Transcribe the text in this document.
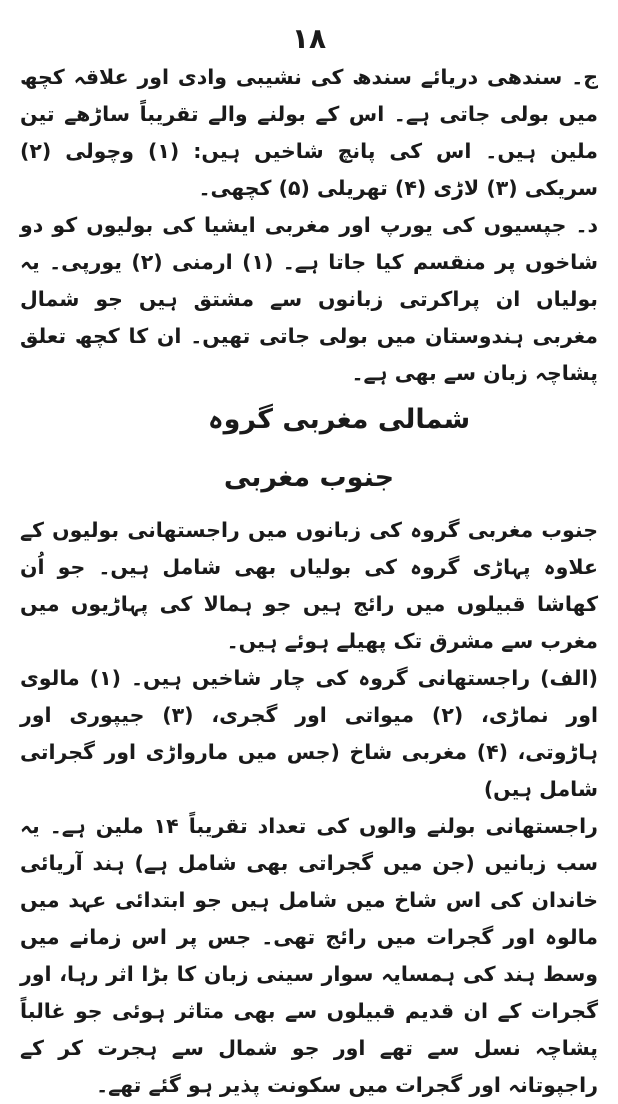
۱۸

ج۔ سندھی دریائے سندھ کی نشیبی وادی اور علاقہ کچھ میں بولی جاتی ہے۔ اس کے بولنے والے تقریباً ساڑھے تین ملین ہیں۔ اس کی پانچ شاخیں ہیں: (۱) وچولی (۲) سریکی (۳) لاڑی (۴) تھریلی (۵) کچھی۔

د۔ جپسیوں کی یورپ اور مغربی ایشیا کی بولیوں کو دو شاخوں پر منقسم کیا جاتا ہے۔ (۱) ارمنی (۲) یورپی۔ یہ بولیاں ان پراکرتی زبانوں سے مشتق ہیں جو شمال مغربی ہندوستان میں بولی جاتی تھیں۔ ان کا کچھ تعلق پشاچہ زبان سے بھی ہے۔

شمالی مغربی گروہ
جنوب مغربی

جنوب مغربی گروہ کی زبانوں میں راجستھانی بولیوں کے علاوہ پہاڑی گروہ کی بولیاں بھی شامل ہیں۔ جو اُن کھاشا قبیلوں میں رائج ہیں جو ہمالا کی پہاڑیوں میں مغرب سے مشرق تک پھیلے ہوئے ہیں۔

(الف) راجستھانی گروہ کی چار شاخیں ہیں۔ (۱) مالوی اور نماڑی، (۲) میواتی اور گجری، (۳) جیپوری اور ہاڑوتی، (۴) مغربی شاخ (جس میں مارواڑی اور گجراتی شامل ہیں)

راجستھانی بولنے والوں کی تعداد تقریباً ۱۴ ملین ہے۔ یہ سب زبانیں (جن میں گجراتی بھی شامل ہے) ہند آریائی خاندان کی اس شاخ میں شامل ہیں جو ابتدائی عہد میں مالوہ اور گجرات میں رائج تھی۔ جس پر اس زمانے میں وسط ہند کی ہمسایہ سوار سینی زبان کا بڑا اثر رہا، اور گجرات کے ان قدیم قبیلوں سے بھی متاثر ہوئی جو غالباً پشاچہ نسل سے تھے اور جو شمال سے ہجرت کر کے راجپوتانہ اور گجرات میں سکونت پذیر ہو گئے تھے۔
